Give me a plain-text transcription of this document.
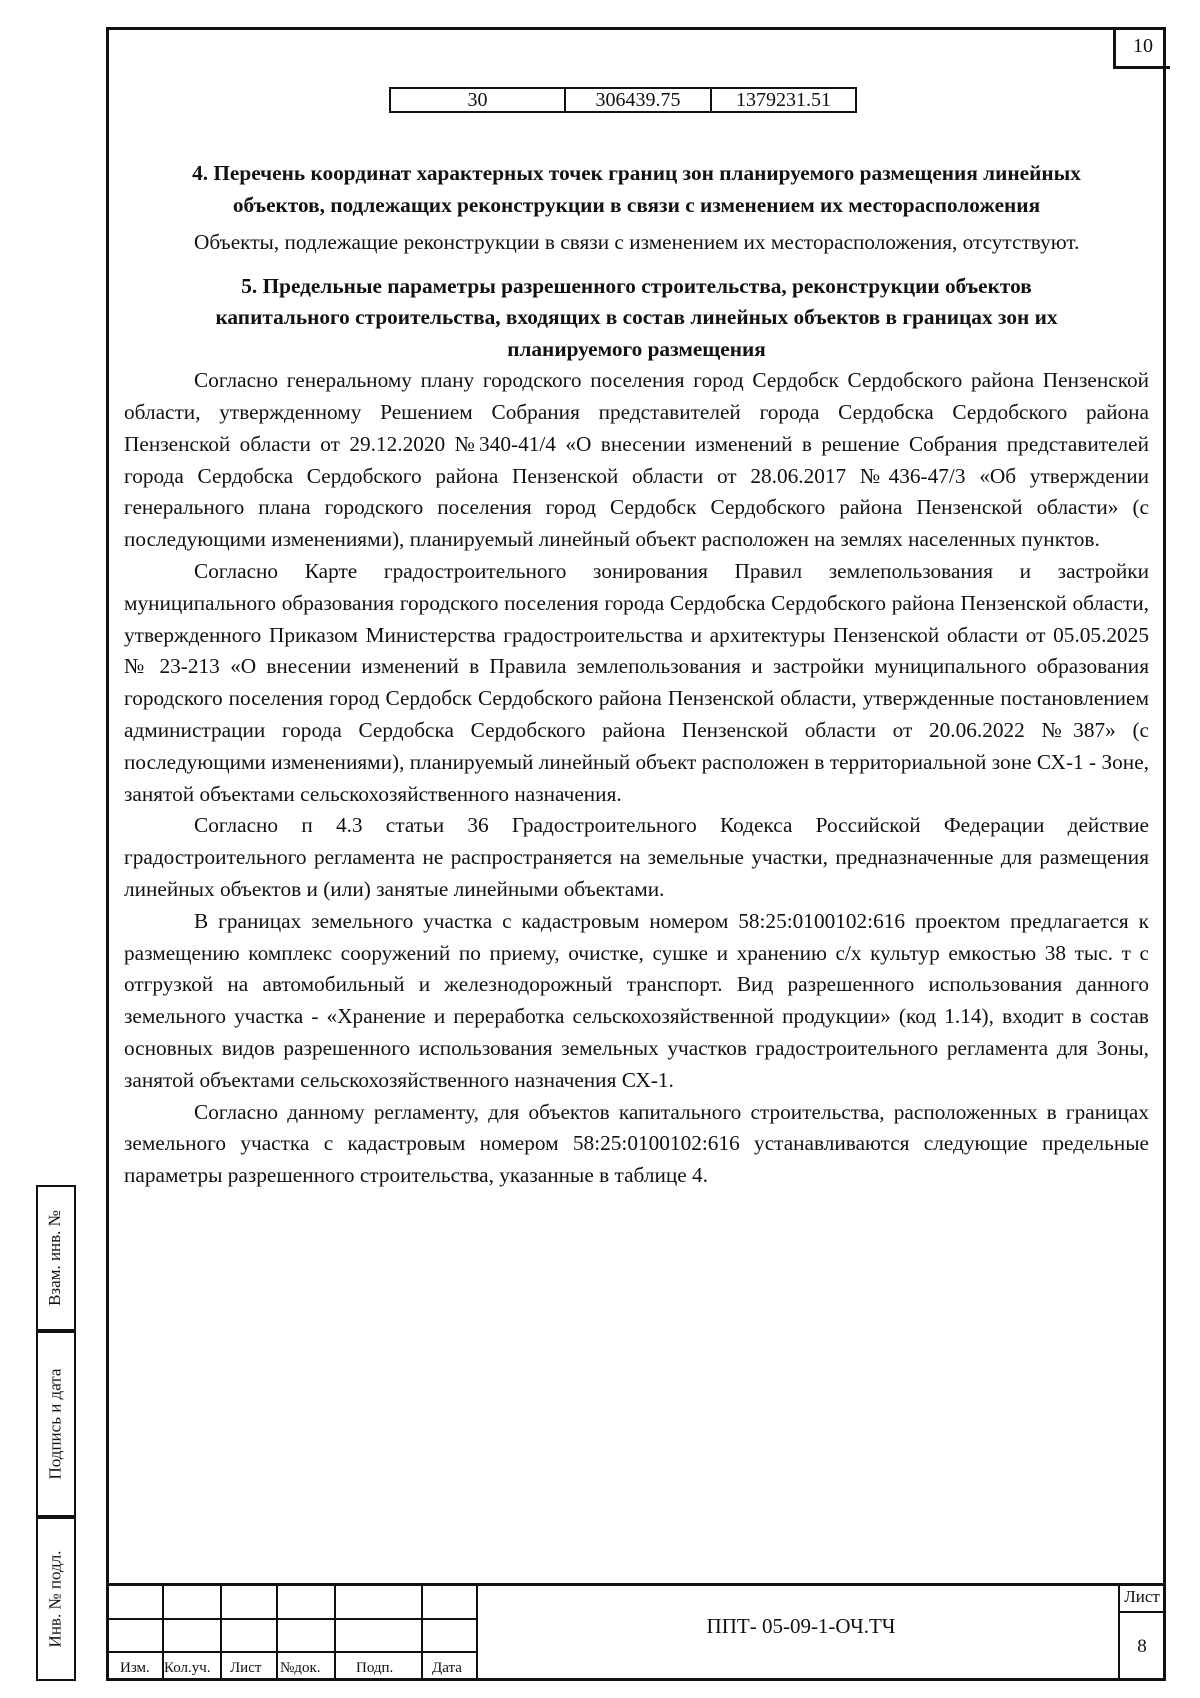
10
30	306439.75	1379231.51

4. Перечень координат характерных точек границ зон планируемого размещения линейных
объектов, подлежащих реконструкции в связи с изменением их месторасположения

Объекты, подлежащие реконструкции в связи с изменением их месторасположения, отсутствуют.

5. Предельные параметры разрешенного строительства, реконструкции объектов
капитального строительства, входящих в состав линейных объектов в границах зон их
планируемого размещения

Согласно генеральному плану городского поселения город Сердобск Сердобского района Пензенской области, утвержденному Решением Собрания представителей города Сердобска Сердобского района Пензенской области от 29.12.2020 №340-41/4 «О внесении изменений в решение Собрания представителей города Сердобска Сердобского района Пензенской области от 28.06.2017 №436-47/3 «Об утверждении генерального плана городского поселения город Сердобск Сердобского района Пензенской области» (с последующими изменениями), планируемый линейный объект расположен на землях населенных пунктов.

Согласно Карте градостроительного зонирования Правил землепользования и застройки муниципального образования городского поселения города Сердобска Сердобского района Пензенской области, утвержденного Приказом Министерства градостроительства и архитектуры Пензенской области от 05.05.2025 № 23-213 «О внесении изменений в Правила землепользования и застройки муниципального образования городского поселения город Сердобск Сердобского района Пензенской области, утвержденные постановлением администрации города Сердобска Сердобского района Пензенской области от 20.06.2022 №387» (с последующими изменениями), планируемый линейный объект расположен в территориальной зоне СХ-1 - Зоне, занятой объектами сельскохозяйственного назначения.

Согласно п 4.3 статьи 36 Градостроительного Кодекса Российской Федерации действие градостроительного регламента не распространяется на земельные участки, предназначенные для размещения линейных объектов и (или) занятые линейными объектами.

В границах земельного участка с кадастровым номером 58:25:0100102:616 проектом предлагается к размещению комплекс сооружений по приему, очистке, сушке и хранению с/х культур емкостью 38 тыс. т с отгрузкой на автомобильный и железнодорожный транспорт. Вид разрешенного использования данного земельного участка - «Хранение и переработка сельскохозяйственной продукции» (код 1.14), входит в состав основных видов разрешенного использования земельных участков градостроительного регламента для Зоны, занятой объектами сельскохозяйственного назначения СХ-1.

Согласно данному регламенту, для объектов капитального строительства, расположенных в границах земельного участка с кадастровым номером 58:25:0100102:616 устанавливаются следующие предельные параметры разрешенного строительства, указанные в таблице 4.

Взам. инв. №
Подпись и дата
Инв. № подл.
Изм. Кол.уч. Лист №док. Подп.	Дата
ППТ- 05-09-1-ОЧ.ТЧ
Лист
8
